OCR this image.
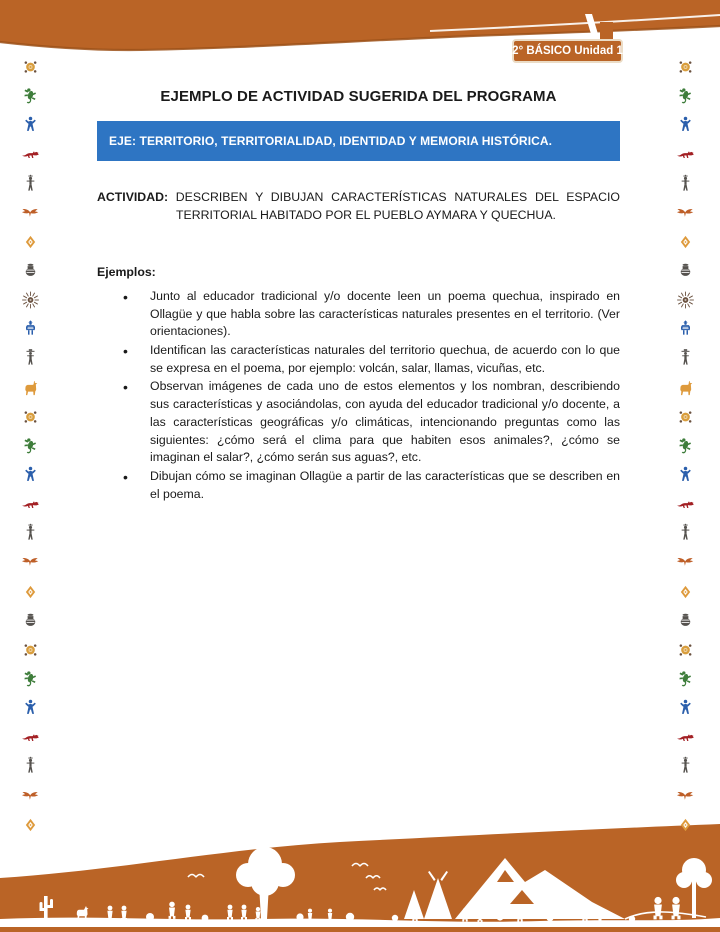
2° BÁSICO Unidad 1
EJEMPLO DE ACTIVIDAD SUGERIDA DEL PROGRAMA
EJE: TERRITORIO, TERRITORIALIDAD, IDENTIDAD Y MEMORIA HISTÓRICA.

ACTIVIDAD: DESCRIBEN Y DIBUJAN CARACTERÍSTICAS NATURALES DEL ESPACIO TERRITORIAL HABITADO POR EL PUEBLO AYMARA Y QUECHUA.

Ejemplos:

• Junto al educador tradicional y/o docente leen un poema quechua, inspirado en Ollagüe y que habla sobre las características naturales presentes en el territorio. (Ver orientaciones).
• Identifican las características naturales del territorio quechua, de acuerdo con lo que se expresa en el poema, por ejemplo: volcán, salar, llamas, vicuñas, etc.
• Observan imágenes de cada uno de estos elementos y los nombran, describiendo sus características y asociándolas, con ayuda del educador tradicional y/o docente, a las características geográficas y/o climáticas, intencionando preguntas como las siguientes: ¿cómo será el clima para que habiten esos animales?, ¿cómo se imaginan el salar?, ¿cómo serán sus aguas?, etc.
• Dibujan cómo se imaginan Ollagüe a partir de las características que se describen en el poema.
